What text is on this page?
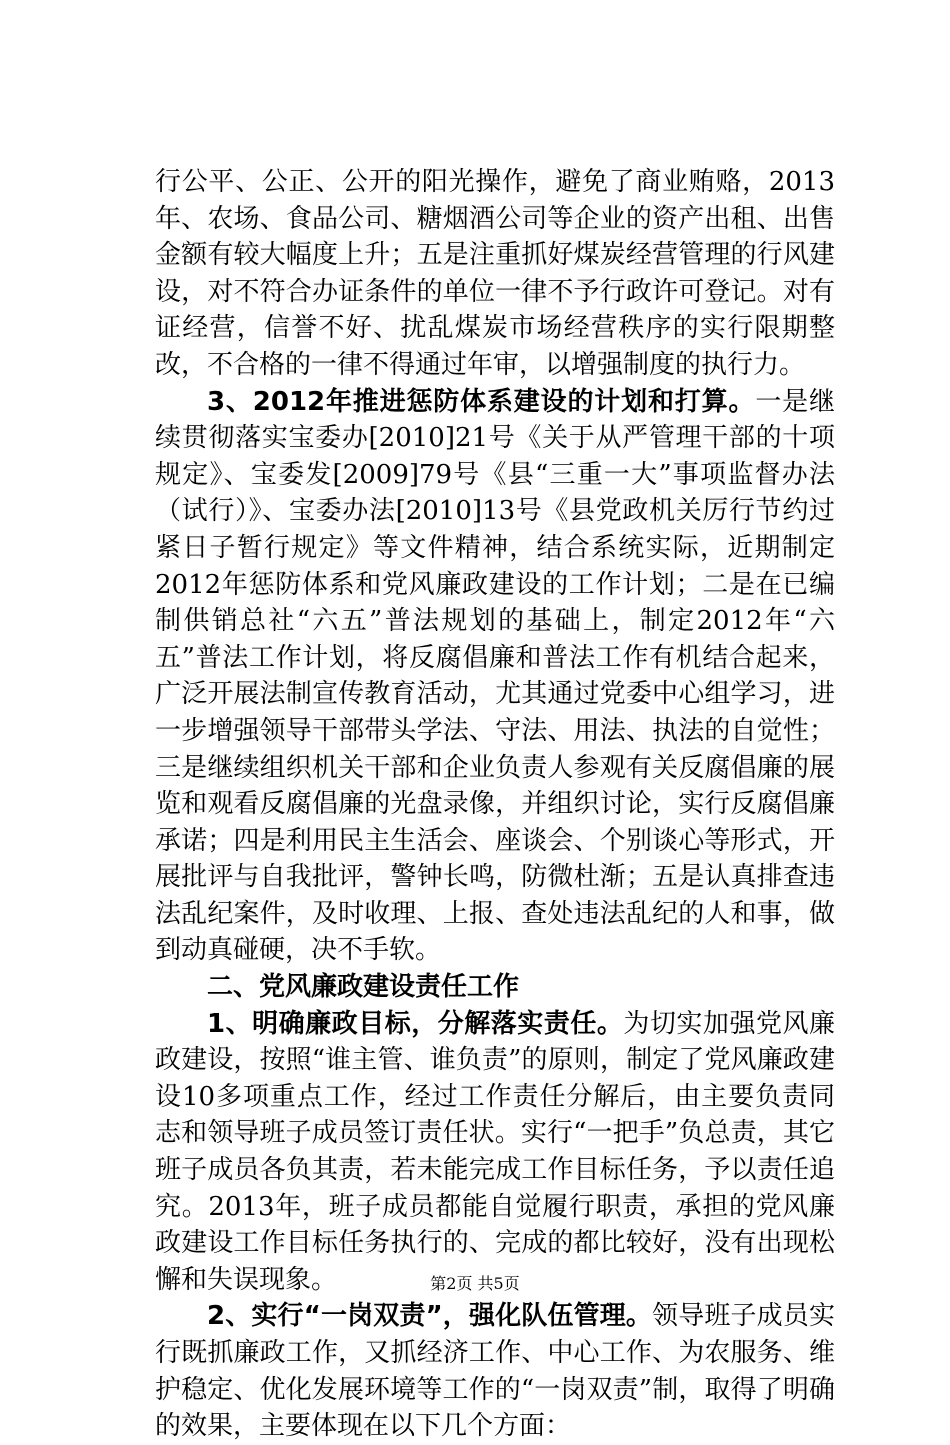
行公平、公正、公开的阳光操作，避免了商业贿赂，2013年、农场、食品公司、糖烟酒公司等企业的资产出租、出售金额有较大幅度上升；五是注重抓好煤炭经营管理的行风建设，对不符合办证条件的单位一律不予行政许可登记。对有证经营，信誉不好、扰乱煤炭市场经营秩序的实行限期整改，不合格的一律不得通过年审，以增强制度的执行力。

3、2012年推进惩防体系建设的计划和打算。一是继续贯彻落实宝委办[2010]21号《关于从严管理干部的十项规定》、宝委发[2009]79号《县“三重一大”事项监督办法（试行）》、宝委办法[2010]13号《县党政机关厉行节约过紧日子暂行规定》等文件精神，结合系统实际，近期制定2012年惩防体系和党风廉政建设的工作计划；二是在已编制供销总社“六五”普法规划的基础上，制定2012年“六五”普法工作计划，将反腐倡廉和普法工作有机结合起来，广泛开展法制宣传教育活动，尤其通过党委中心组学习，进一步增强领导干部带头学法、守法、用法、执法的自觉性；三是继续组织机关干部和企业负责人参观有关反腐倡廉的展览和观看反腐倡廉的光盘录像，并组织讨论，实行反腐倡廉承诺；四是利用民主生活会、座谈会、个别谈心等形式，开展批评与自我批评，警钟长鸣，防微杜渐；五是认真排查违法乱纪案件，及时收理、上报、查处违法乱纪的人和事，做到动真碰硬，决不手软。

二、党风廉政建设责任工作

1、明确廉政目标，分解落实责任。为切实加强党风廉政建设，按照“谁主管、谁负责”的原则，制定了党风廉政建设10多项重点工作，经过工作责任分解后，由主要负责同志和领导班子成员签订责任状。实行“一把手”负总责，其它班子成员各负其责，若未能完成工作目标任务，予以责任追究。2013年，班子成员都能自觉履行职责，承担的党风廉政建设工作目标任务执行的、完成的都比较好，没有出现松懈和失误现象。

2、实行“一岗双责”，强化队伍管理。领导班子成员实行既抓廉政工作，又抓经济工作、中心工作、为农服务、维护稳定、优化发展环境等工作的“一岗双责”制，取得了明确的效果，主要体现在以下几个方面：

第2页 共5页
